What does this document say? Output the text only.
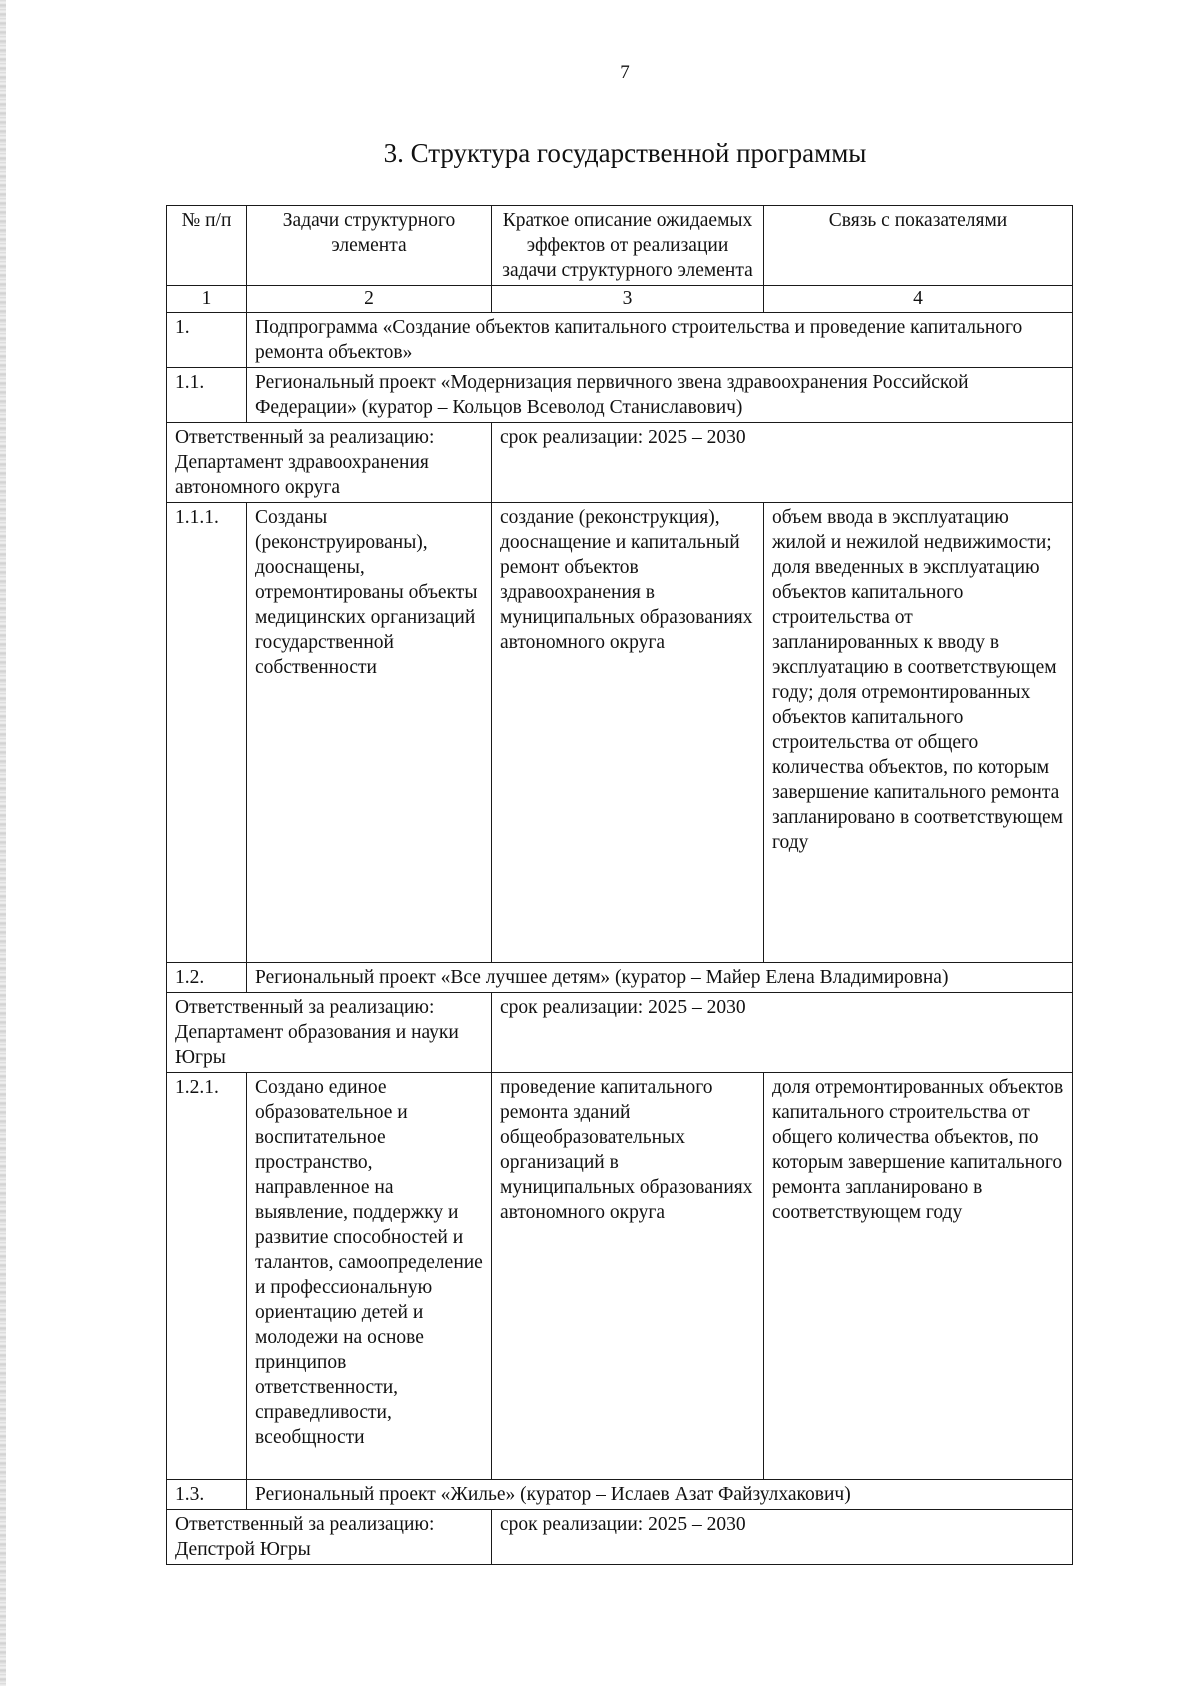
7
3. Структура государственной программы
№ п/п	Задачи структурного элемента	Краткое описание ожидаемых эффектов от реализации задачи структурного элемента	Связь с показателями
1	2	3	4
1.	Подпрограмма «Создание объектов капитального строительства и проведение капитального ремонта объектов»		
1.1.	Региональный проект «Модернизация первичного звена здравоохранения Российской Федерации» (куратор – Кольцов Всеволод Станиславович)		
Ответственный за реализацию: Департамент здравоохранения автономного округа		срок реализации: 2025 – 2030	
1.1.1.	Созданы (реконструированы), дооснащены, отремонтированы объекты медицинских организаций государственной собственности	создание (реконструкция), дооснащение и капитальный ремонт объектов здравоохранения в муниципальных образованиях автономного округа	объем ввода в эксплуатацию жилой и нежилой недвижимости; доля введенных в эксплуатацию объектов капитального строительства от запланированных к вводу в эксплуатацию в соответствующем году; доля отремонтированных объектов капитального строительства от общего количества объектов, по которым завершение капитального ремонта запланировано в соответствующем году
1.2.	Региональный проект «Все лучшее детям» (куратор – Майер Елена Владимировна)		
Ответственный за реализацию: Департамент образования и науки Югры		срок реализации: 2025 – 2030	
1.2.1.	Создано единое образовательное и воспитательное пространство, направленное на выявление, поддержку и развитие способностей и талантов, самоопределение и профессиональную ориентацию детей и молодежи на основе принципов ответственности, справедливости, всеобщности	проведение капитального ремонта зданий общеобразовательных организаций в муниципальных образованиях автономного округа	доля отремонтированных объектов капитального строительства от общего количества объектов, по которым завершение капитального ремонта запланировано в соответствующем году
1.3.	Региональный проект «Жилье» (куратор – Ислаев Азат Файзулхакович)		
Ответственный за реализацию: Депстрой Югры		срок реализации: 2025 – 2030	
